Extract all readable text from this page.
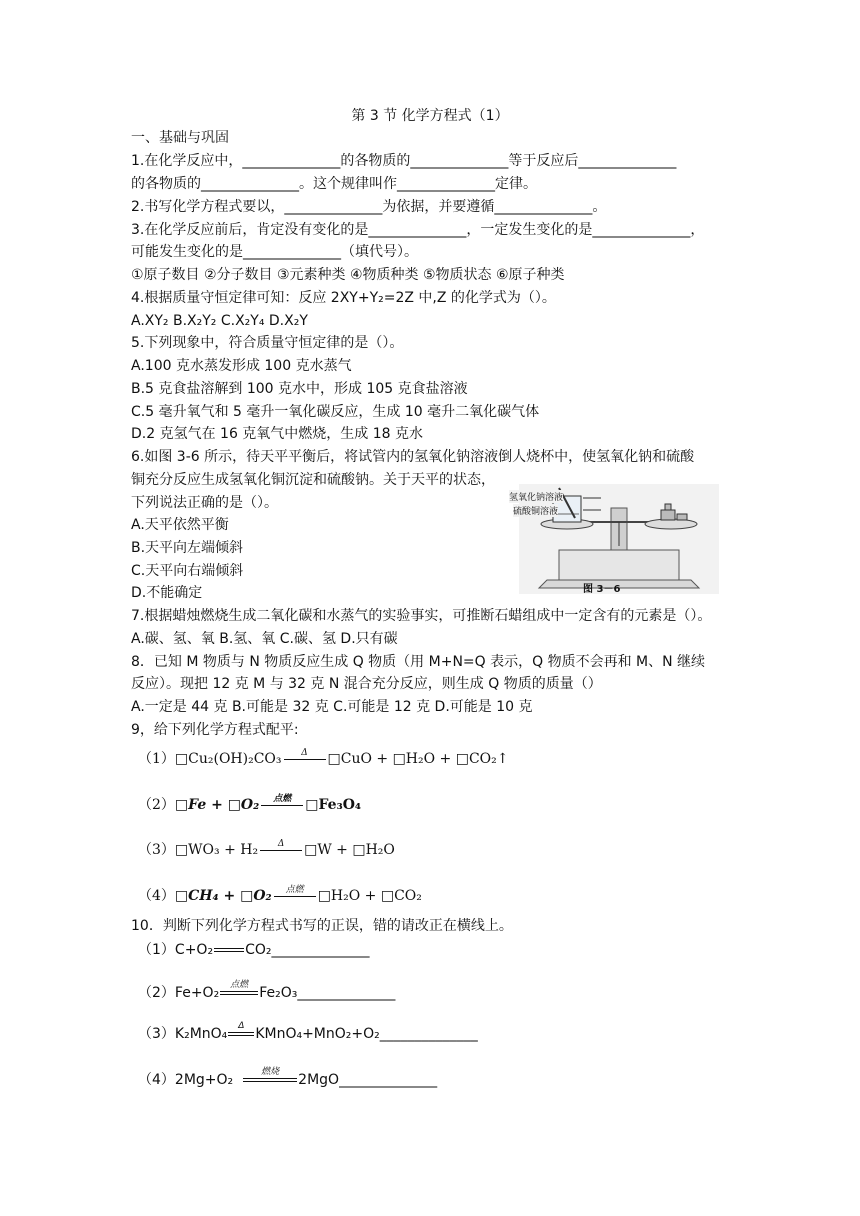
第 3 节 化学方程式（1）
一、基础与巩固
1.在化学反应中，______________的各物质的______________等于反应后______________
的各物质的______________。这个规律叫作______________定律。
2.书写化学方程式要以，______________为依据，并要遵循______________。
3.在化学反应前后，肯定没有变化的是______________，一定发生变化的是______________，
可能发生变化的是______________（填代号）。
①原子数目 ②分子数目 ③元素种类 ④物质种类 ⑤物质状态 ⑥原子种类
4.根据质量守恒定律可知：反应 2XY+Y₂=2Z 中,Z 的化学式为（）。
A.XY₂ B.X₂Y₂ C.X₂Y₄ D.X₂Y
5.下列现象中，符合质量守恒定律的是（）。
A.100 克水蒸发形成 100 克水蒸气
B.5 克食盐溶解到 100 克水中，形成 105 克食盐溶液
C.5 毫升氧气和 5 毫升一氧化碳反应，生成 10 毫升二氧化碳气体
D.2 克氢气在 16 克氧气中燃烧，生成 18 克水
6.如图 3-6 所示，待天平平衡后，将试管内的氢氧化钠溶液倒人烧杯中，使氢氧化钠和硫酸
铜充分反应生成氢氧化铜沉淀和硫酸钠。关于天平的状态，
下列说法正确的是（）。
A.天平依然平衡
B.天平向左端倾斜
C.天平向右端倾斜
D.不能确定
7.根据蜡烛燃烧生成二氧化碳和水蒸气的实验事实，可推断石蜡组成中一定含有的元素是（）。
A.碳、氢、氧 B.氢、氧 C.碳、氢 D.只有碳
8．已知 M 物质与 N 物质反应生成 Q 物质（用 M+N=Q 表示，Q 物质不会再和 M、N 继续
反应）。现把 12 克 M 与 32 克 N 混合充分反应，则生成 Q 物质的质量（）
A.一定是 44 克 B.可能是 32 克 C.可能是 12 克 D.可能是 10 克
9，给下列化学方程式配平:
氢氧化钠溶液
硫酸铜溶液
图 3－6
（1）□Cu₂(OH)₂CO₃	Δ	□CuO + □H₂O + □CO₂↑
（2）□Fe + □O₂	点燃	□Fe₃O₄
（3）□WO₃ + H₂	Δ	□W + □H₂O
（4）□CH₄ + □O₂	点燃	□H₂O + □CO₂
10．判断下列化学方程式书写的正误，错的请改正在横线上。
（1）C+O₂ CO₂______________
（2）Fe+O₂	点燃 Fe₂O₃______________
（3）K₂MnO₄	Δ KMnO₄+MnO₂+O₂______________
（4）2Mg+O₂	燃烧	2MgO______________
